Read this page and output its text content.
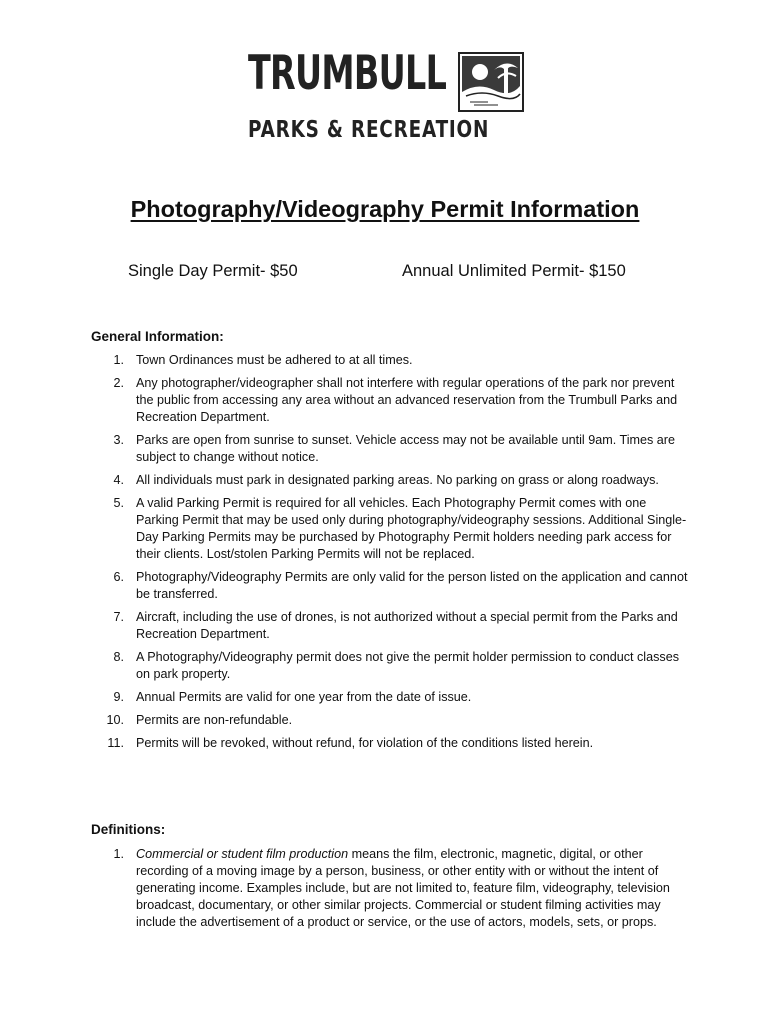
TRUMBULL
PARKS & RECREATION
Photography/Videography Permit Information
Single Day Permit- $50	Annual Unlimited Permit- $150
General Information:
1. Town Ordinances must be adhered to at all times.
2. Any photographer/videographer shall not interfere with regular operations of the park nor prevent the public from accessing any area without an advanced reservation from the Trumbull Parks and Recreation Department.
3. Parks are open from sunrise to sunset. Vehicle access may not be available until 9am. Times are subject to change without notice.
4. All individuals must park in designated parking areas. No parking on grass or along roadways.
5. A valid Parking Permit is required for all vehicles. Each Photography Permit comes with one Parking Permit that may be used only during photography/videography sessions. Additional Single-Day Parking Permits may be purchased by Photography Permit holders needing park access for their clients. Lost/stolen Parking Permits will not be replaced.
6. Photography/Videography Permits are only valid for the person listed on the application and cannot be transferred.
7. Aircraft, including the use of drones, is not authorized without a special permit from the Parks and Recreation Department.
8. A Photography/Videography permit does not give the permit holder permission to conduct classes on park property.
9. Annual Permits are valid for one year from the date of issue.
10. Permits are non-refundable.
11. Permits will be revoked, without refund, for violation of the conditions listed herein.
Definitions:
1. Commercial or student film production means the film, electronic, magnetic, digital, or other recording of a moving image by a person, business, or other entity with or without the intent of generating income. Examples include, but are not limited to, feature film, videography, television broadcast, documentary, or other similar projects. Commercial or student filming activities may include the advertisement of a product or service, or the use of actors, models, sets, or props.
